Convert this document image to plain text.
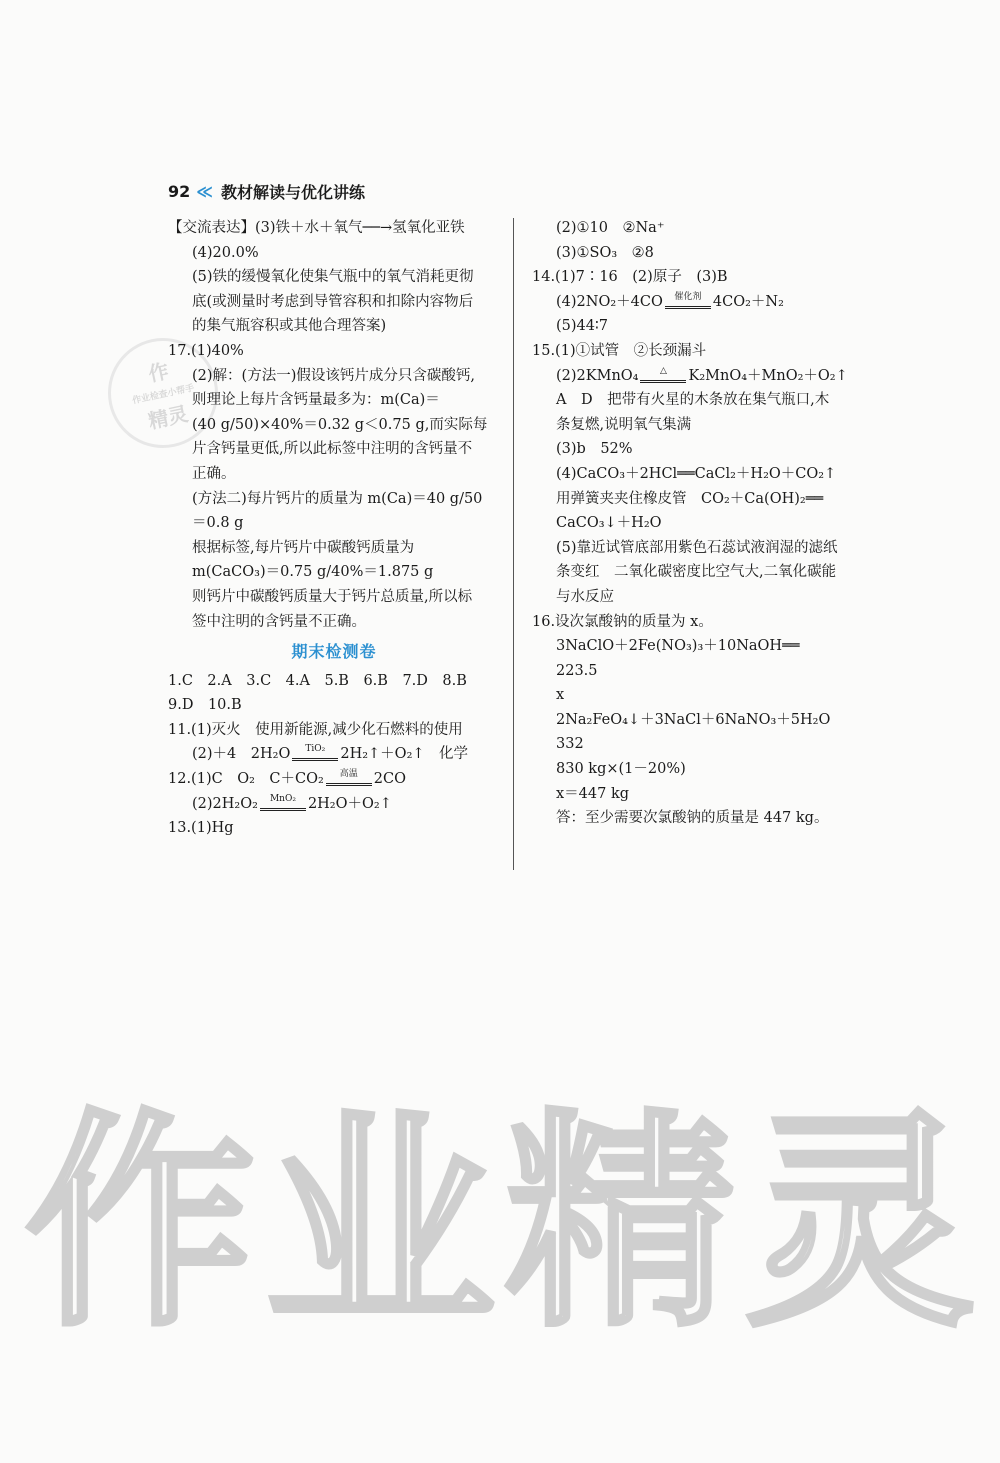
92 ≪ 教材解读与优化讲练
作
作业检查小帮手
精灵
【交流表达】(3)铁＋水＋氧气──→氢氧化亚铁
(4)20.0%
(5)铁的缓慢氧化使集气瓶中的氧气消耗更彻
底(或测量时考虑到导管容积和扣除内容物后
的集气瓶容积或其他合理答案)
17.(1)40%
(2)解：(方法一)假设该钙片成分只含碳酸钙,
则理论上每片含钙量最多为：m(Ca)＝
(40 g/50)×40%＝0.32 g＜0.75 g,而实际每
片含钙量更低,所以此标签中注明的含钙量不
正确。
(方法二)每片钙片的质量为 m(Ca)＝40 g/50
＝0.8 g
根据标签,每片钙片中碳酸钙质量为
m(CaCO₃)＝0.75 g/40%＝1.875 g
则钙片中碳酸钙质量大于钙片总质量,所以标
签中注明的含钙量不正确。
期末检测卷
1.C　2.A　3.C　4.A　5.B　6.B　7.D　8.B
9.D　10.B
11.(1)灭火　使用新能源,减少化石燃料的使用
(2)＋4　2H₂O $^{TiO_2}$ 2H₂↑＋O₂↑　化学
12.(1)C　O₂　C＋CO₂ $^{高温}$ 2CO
(2)2H₂O₂ $^{MnO_2}$ 2H₂O＋O₂↑
13.(1)Hg
(2)①10　②Na⁺
(3)①SO₃　②8
14.(1)7∶16　(2)原子　(3)B
(4)2NO₂＋4CO $^{催化剂}$ 4CO₂＋N₂
(5)44∶7
15.(1)①试管　②长颈漏斗
(2)2KMnO₄ △ K₂MnO₄＋MnO₂＋O₂↑
A　D　把带有火星的木条放在集气瓶口,木
条复燃,说明氧气集满
(3)b　52%
(4)CaCO₃＋2HCl══CaCl₂＋H₂O＋CO₂↑
用弹簧夹夹住橡皮管　CO₂＋Ca(OH)₂══
CaCO₃↓＋H₂O
(5)靠近试管底部用紫色石蕊试液润湿的滤纸
条变红　二氧化碳密度比空气大,二氧化碳能
与水反应
16.设次氯酸钠的质量为 x。
3NaClO＋2Fe(NO₃)₃＋10NaOH══
223.5
x
2Na₂FeO₄↓＋3NaCl＋6NaNO₃＋5H₂O
332
830 kg×(1－20%)
x＝447 kg
答：至少需要次氯酸钠的质量是 447 kg。
作 业 精 灵
